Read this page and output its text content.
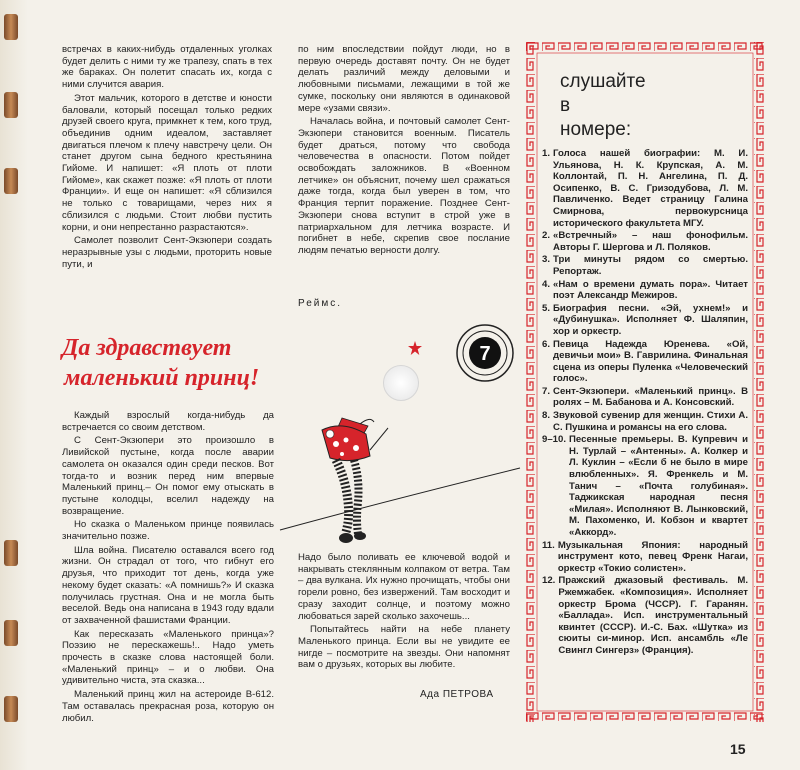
встречах в каких-нибудь отдаленных уголках будет делить с ними ту же трапезу, спать в тех же бараках. Он полетит спасать их, когда с ними случится авария.

Этот мальчик, которого в детстве и юности баловали, который посещал только редких друзей своего круга, примкнет к тем, кого труд, объединив одним идеалом, заставляет двигаться плечом к плечу навстречу цели. Он станет другом сына бедного крестьянина Гийоме. И напишет: «Я плоть от плоти Гийоме», как скажет позже: «Я плоть от плоти Франции». И еще он напишет: «Я сблизился не только с товарищами, через них я сблизился с людьми. Стоит любви пустить корни, и они непрестанно разрастаются».

Самолет позволит Сент-Экзюпери создать неразрывные узы с людьми, проторить новые пути, и

по ним впоследствии пойдут люди, но в первую очередь доставят почту. Он не будет делать различий между деловыми и любовными письмами, лежащими в той же сумке, поскольку они являются в одинаковой мере «узами связи».

Началась война, и почтовый самолет Сент-Экзюпери становится военным. Писатель будет драться, потому что свобода человечества в опасности. Потом пойдет освобождать заложников. В «Военном летчике» он объяснит, почему шел сражаться даже тогда, когда был уверен в том, что Франция терпит поражение. Позднее Сент-Экзюпери снова вступит в строй уже в патриархальном для летчика возрасте. И погибнет в небе, скрепив свое послание людям печатью верности долгу.

Реймс.
Да здравствует
маленький принц!
7

Каждый взрослый когда-нибудь да встречается со своим детством.

С Сент-Экзюпери это произошло в Ливийской пустыне, когда после аварии самолета он оказался один среди песков. Вот тогда-то и возник перед ним впервые Маленький принц.– Он помог ему отыскать в пустыне колодцы, вселил надежду на возвращение.

Но сказка о Маленьком принце появилась значительно позже.

Шла война. Писателю оставался всего год жизни. Он страдал от того, что гибнут его друзья, что приходит тот день, когда уже некому будет сказать: «А помнишь?» И сказка получилась грустная. Она и не могла быть веселой. Ведь она написана в 1943 году вдали от захваченной фашистами Франции.

Как пересказать «Маленького принца»? Поэзию не перескажешь!.. Надо уметь прочесть в сказке слова настоящей боли. «Маленький принц» – и о любви. Она удивительно чиста, эта сказка...

Маленький принц жил на астероиде В-612. Там оставалась прекрасная роза, которую он любил.

Надо было поливать ее ключевой водой и накрывать стеклянным колпаком от ветра. Там – два вулкана. Их нужно прочищать, чтобы они горели ровно, без извержений. Там восходит и сразу заходит солнце, и поэтому можно любоваться зарей сколько захочешь...

Попытайтесь найти на небе планету Маленького принца. Если вы не увидите ее нигде – посмотрите на звезды. Они напомнят вам о друзьях, которых вы любите.

Ада ПЕТРОВА
слушайте
в
номере:
1. Голоса нашей биографии: М. И. Ульянова, Н. К. Крупская, А. М. Коллонтай, П. Н. Ангелина, П. Д. Осипенко, В. С. Гризодубова, Л. М. Павличенко. Ведет страницу Галина Смирнова, первокурсница исторического факультета МГУ.
2. «Встречный» – наш фонофильм. Авторы Г. Шергова и Л. Поляков.
3. Три минуты рядом со смертью. Репортаж.
4. «Нам о времени думать пора». Читает поэт Александр Межиров.
5. Биография песни. «Эй, ухнем!» и «Дубинушка». Исполняет Ф. Шаляпин, хор и оркестр.
6. Певица Надежда Юренева. «Ой, девичьи мои» В. Гаврилина. Финальная сцена из оперы Пуленка «Человеческий голос».
7. Сент-Экзюпери. «Маленький принц». В ролях – М. Бабанова и А. Консовский.
8. Звуковой сувенир для женщин. Стихи А. С. Пушкина и романсы на его слова.
9–10. Песенные премьеры. В. Купревич и Н. Турлай – «Антенны». А. Колкер и Л. Куклин – «Если б не было в мире влюбленных». Я. Френкель и М. Танич – «Почта голубиная». Таджикская народная песня «Милая». Исполняют В. Лынковский, М. Пахоменко, И. Кобзон и квартет «Аккорд».
11. Музыкальная Япония: народный инструмент кото, певец Френк Нагаи, оркестр «Токио солистен».
12. Пражский джазовый фестиваль. М. Ржемжабек. «Композиция». Исполняет оркестр Брома (ЧССР). Г. Гаранян. «Баллада». Исп. инструментальный квинтет (СССР). И.-С. Бах. «Шутка» из сюиты си-минор. Исп. ансамбль «Ле Свингл Сингерз» (Франция).
15
